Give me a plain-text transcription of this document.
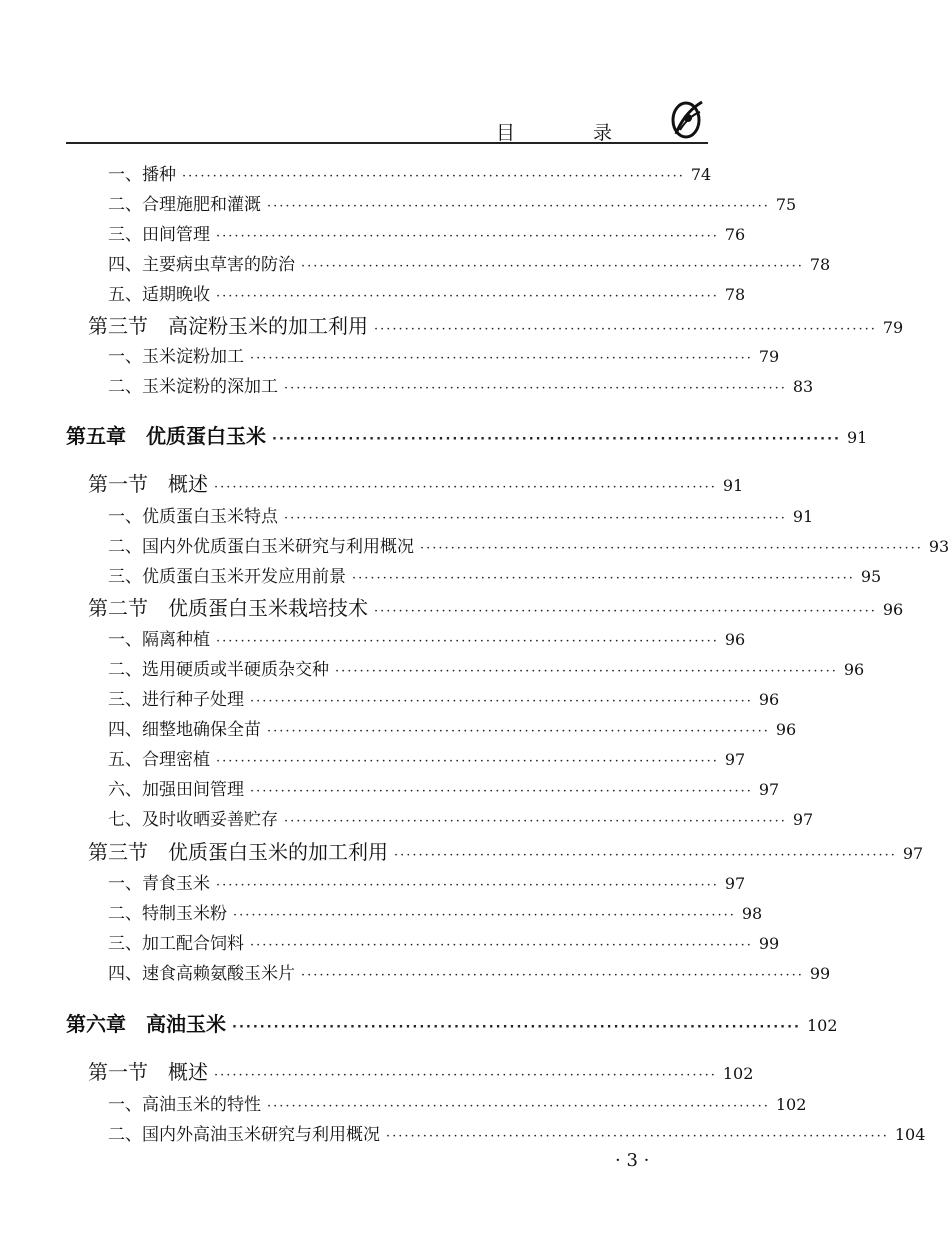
目 录
一、播种 ·················································································· 74
二、合理施肥和灌溉 ·················································································· 75
三、田间管理 ·················································································· 76
四、主要病虫草害的防治 ·················································································· 78
五、适期晚收 ·················································································· 78
第三节　高淀粉玉米的加工利用 ·················································································· 79
一、玉米淀粉加工 ·················································································· 79
二、玉米淀粉的深加工 ·················································································· 83
第五章　优质蛋白玉米 ·················································································· 91
第一节　概述 ·················································································· 91
一、优质蛋白玉米特点 ·················································································· 91
二、国内外优质蛋白玉米研究与利用概况 ·················································································· 93
三、优质蛋白玉米开发应用前景 ·················································································· 95
第二节　优质蛋白玉米栽培技术 ·················································································· 96
一、隔离种植 ·················································································· 96
二、选用硬质或半硬质杂交种 ·················································································· 96
三、进行种子处理 ·················································································· 96
四、细整地确保全苗 ·················································································· 96
五、合理密植 ·················································································· 97
六、加强田间管理 ·················································································· 97
七、及时收晒妥善贮存 ·················································································· 97
第三节　优质蛋白玉米的加工利用 ·················································································· 97
一、青食玉米 ·················································································· 97
二、特制玉米粉 ·················································································· 98
三、加工配合饲料 ·················································································· 99
四、速食高赖氨酸玉米片 ·················································································· 99
第六章　高油玉米 ·················································································· 102
第一节　概述 ·················································································· 102
一、高油玉米的特性 ·················································································· 102
二、国内外高油玉米研究与利用概况 ·················································································· 104
· 3 ·
